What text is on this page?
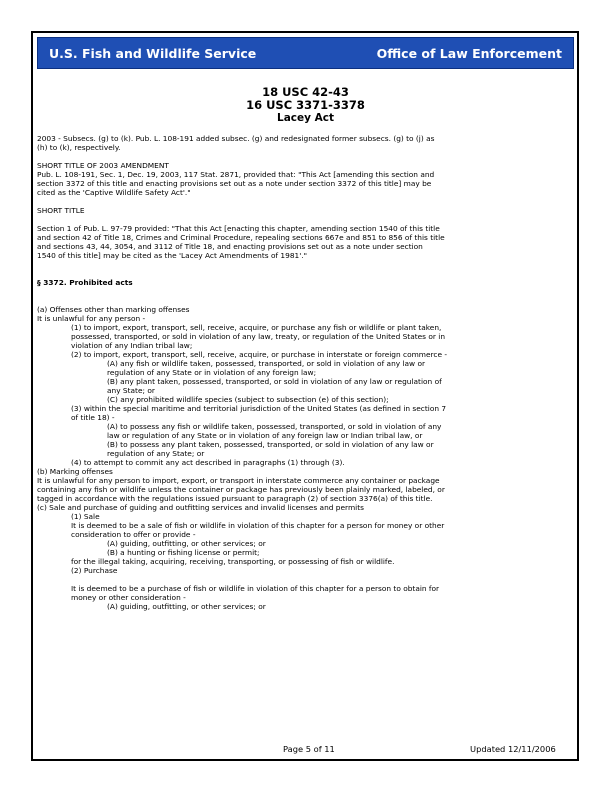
U.S. Fish and Wildlife Service	Office of Law Enforcement
18 USC 42-43
16 USC 3371-3378
Lacey Act
2003 - Subsecs. (g) to (k). Pub. L. 108-191 added subsec. (g) and redesignated former subsecs. (g) to (j) as
(h) to (k), respectively.
SHORT TITLE OF 2003 AMENDMENT
Pub. L. 108-191, Sec. 1, Dec. 19, 2003, 117 Stat. 2871, provided that: "This Act [amending this section and
section 3372 of this title and enacting provisions set out as a note under section 3372 of this title] may be
cited as the 'Captive Wildlife Safety Act'."
SHORT TITLE
Section 1 of Pub. L. 97-79 provided: "That this Act [enacting this chapter, amending section 1540 of this title
and section 42 of Title 18, Crimes and Criminal Procedure, repealing sections 667e and 851 to 856 of this title
and sections 43, 44, 3054, and 3112 of Title 18, and enacting provisions set out as a note under section
1540 of this title] may be cited as the 'Lacey Act Amendments of 1981'."
§ 3372. Prohibited acts
(a) Offenses other than marking offenses
It is unlawful for any person -
(1) to import, export, transport, sell, receive, acquire, or purchase any fish or wildlife or plant taken,
possessed, transported, or sold in violation of any law, treaty, or regulation of the United States or in
violation of any Indian tribal law;
(2) to import, export, transport, sell, receive, acquire, or purchase in interstate or foreign commerce -
(A) any fish or wildlife taken, possessed, transported, or sold in violation of any law or
regulation of any State or in violation of any foreign law;
(B) any plant taken, possessed, transported, or sold in violation of any law or regulation of
any State; or
(C) any prohibited wildlife species (subject to subsection (e) of this section);
(3) within the special maritime and territorial jurisdiction of the United States (as defined in section 7
of title 18) -
(A) to possess any fish or wildlife taken, possessed, transported, or sold in violation of any
law or regulation of any State or in violation of any foreign law or Indian tribal law, or
(B) to possess any plant taken, possessed, transported, or sold in violation of any law or
regulation of any State; or
(4) to attempt to commit any act described in paragraphs (1) through (3).
(b) Marking offenses
It is unlawful for any person to import, export, or transport in interstate commerce any container or package
containing any fish or wildlife unless the container or package has previously been plainly marked, labeled, or
tagged in accordance with the regulations issued pursuant to paragraph (2) of section 3376(a) of this title.
(c) Sale and purchase of guiding and outfitting services and invalid licenses and permits
(1) Sale
It is deemed to be a sale of fish or wildlife in violation of this chapter for a person for money or other
consideration to offer or provide -
(A) guiding, outfitting, or other services; or
(B) a hunting or fishing license or permit;
for the illegal taking, acquiring, receiving, transporting, or possessing of fish or wildlife.
(2) Purchase
It is deemed to be a purchase of fish or wildlife in violation of this chapter for a person to obtain for
money or other consideration -
(A) guiding, outfitting, or other services; or
Page 5 of 11	Updated 12/11/2006
